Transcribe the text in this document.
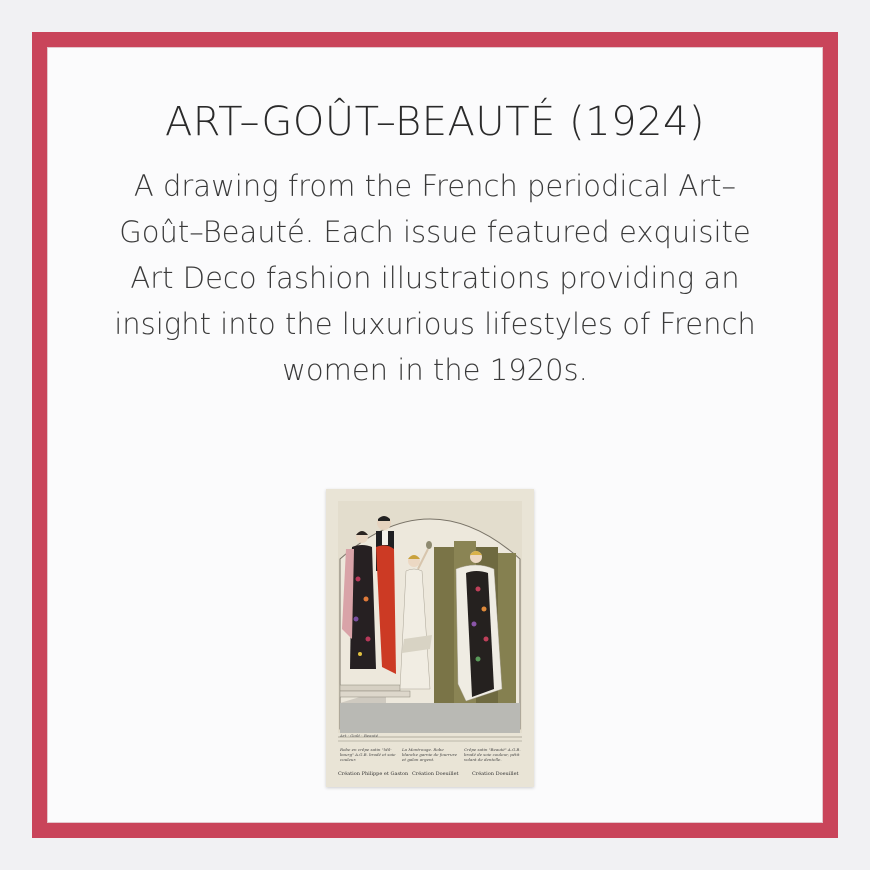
ART–GOÛT–BEAUTÉ (1924)
A drawing from the French periodical Art–Goût–Beauté. Each issue featured exquisite Art Deco fashion illustrations providing an insight into the luxurious lifestyles of French women in the 1920s.
Art · Goût · Beauté
Robe en crêpe satin "Mil-bourg" A.G.B. brodé et soie couleur.
La Montrouge. Robe blanche garnie de fourrure et galon argent.
Crêpe satin "Beauté" A.G.B. brodé de soie couleur, pétit volant de dentelle.
Création Philippe et Gaston Création Doeuillet	Création Doeuillet
